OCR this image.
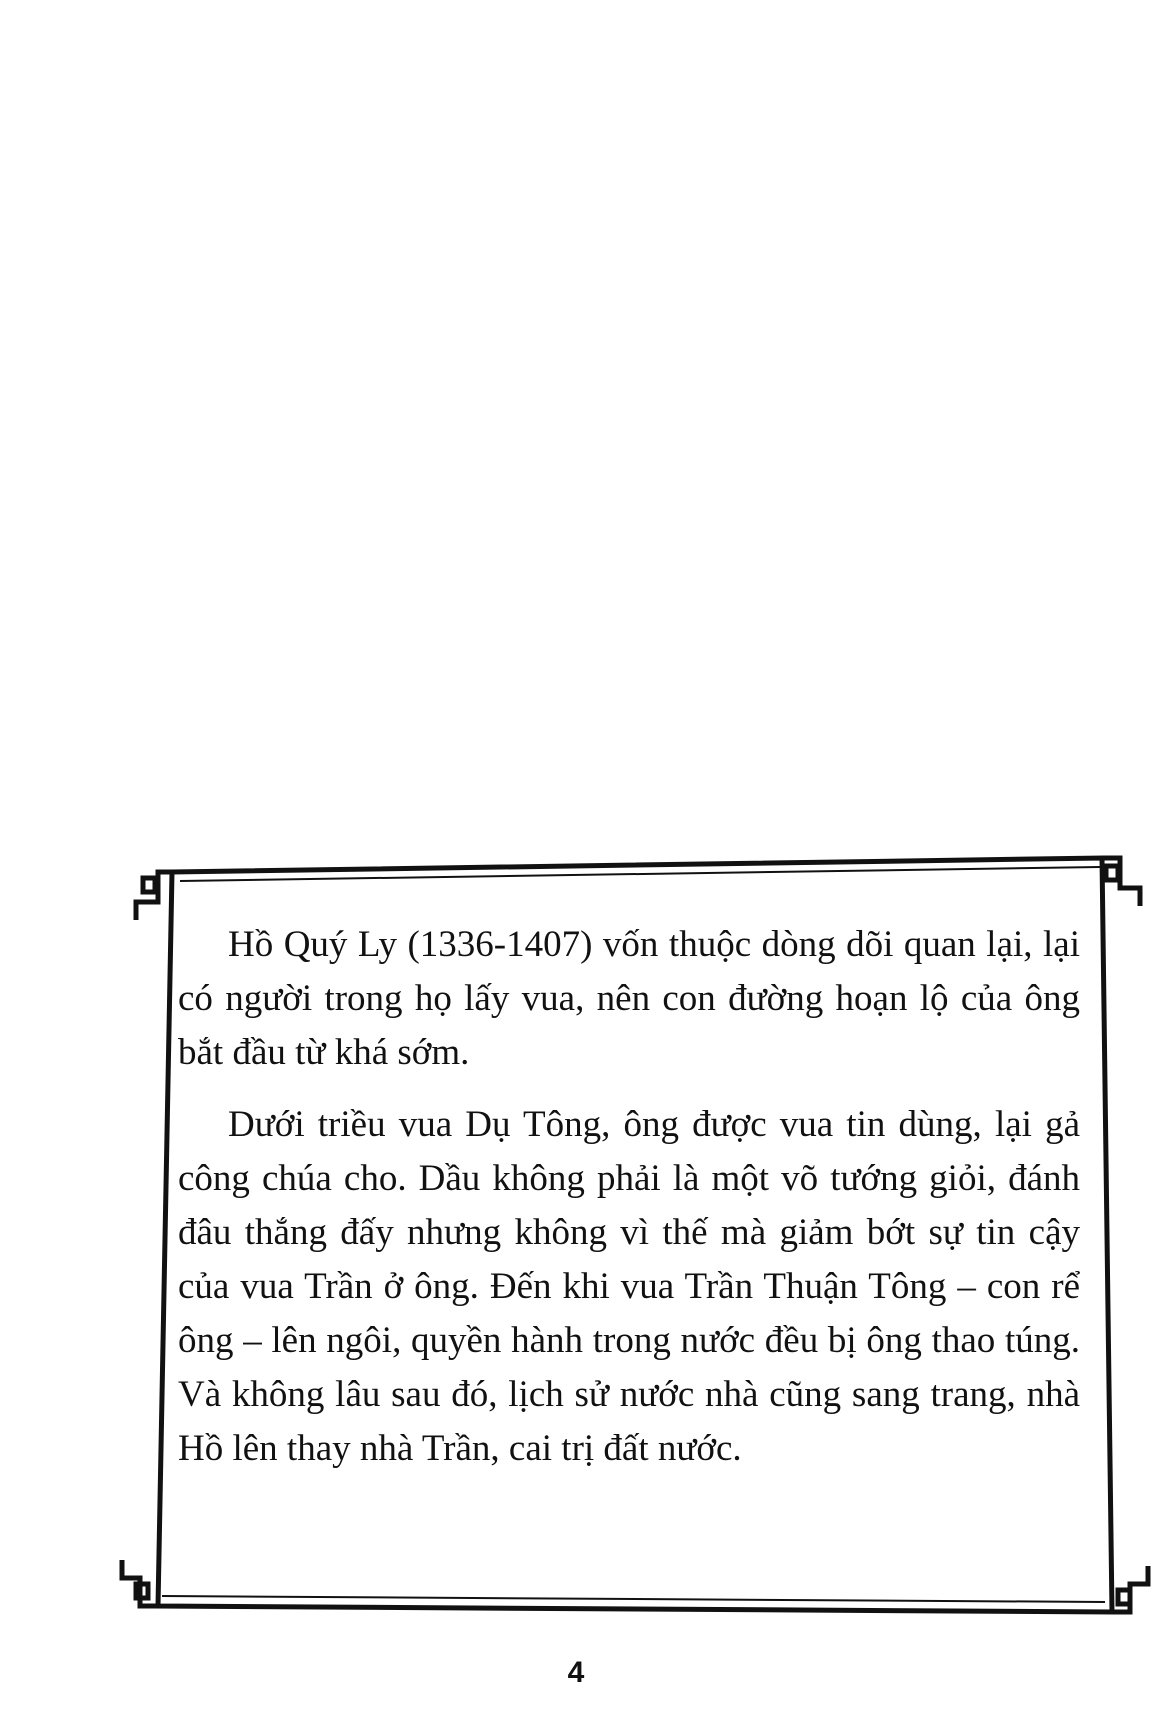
Hồ Quý Ly (1336-1407) vốn thuộc dòng dõi quan lại, lại có người trong họ lấy vua, nên con đường hoạn lộ của ông bắt đầu từ khá sớm.

Dưới triều vua Dụ Tông, ông được vua tin dùng, lại gả công chúa cho. Dầu không phải là một võ tướng giỏi, đánh đâu thắng đấy nhưng không vì thế mà giảm bớt sự tin cậy của vua Trần ở ông. Đến khi vua Trần Thuận Tông – con rể ông – lên ngôi, quyền hành trong nước đều bị ông thao túng. Và không lâu sau đó, lịch sử nước nhà cũng sang trang, nhà Hồ lên thay nhà Trần, cai trị đất nước.

4
